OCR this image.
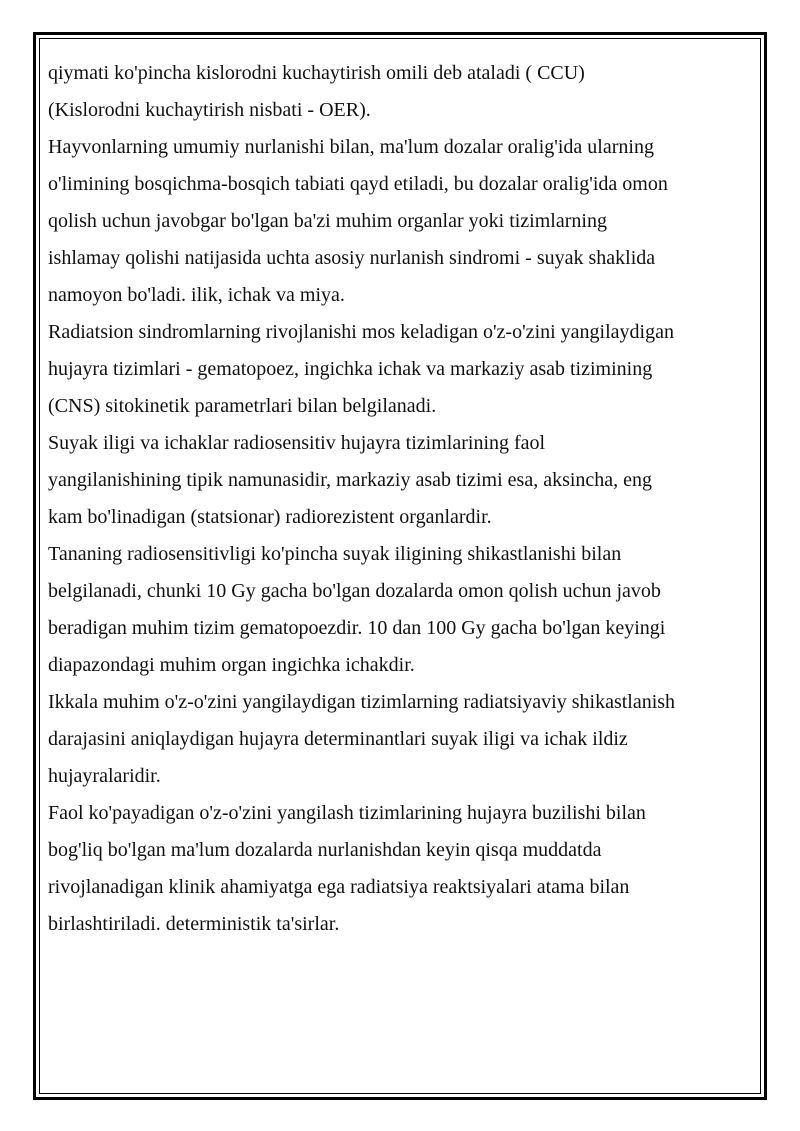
qiymati ko'pincha kislorodni kuchaytirish omili deb ataladi ( CCU)
(Kislorodni kuchaytirish nisbati - OER).
Hayvonlarning umumiy nurlanishi bilan, ma'lum dozalar oralig'ida ularning
o'limining bosqichma-bosqich tabiati qayd etiladi, bu dozalar oralig'ida omon
qolish uchun javobgar bo'lgan ba'zi muhim organlar yoki tizimlarning
ishlamay qolishi natijasida uchta asosiy nurlanish sindromi - suyak shaklida
namoyon bo'ladi. ilik, ichak va miya.
Radiatsion sindromlarning rivojlanishi mos keladigan o'z-o'zini yangilaydigan
hujayra tizimlari - gematopoez, ingichka ichak va markaziy asab tizimining
(CNS) sitokinetik parametrlari bilan belgilanadi.
Suyak iligi va ichaklar radiosensitiv hujayra tizimlarining faol
yangilanishining tipik namunasidir, markaziy asab tizimi esa, aksincha, eng
kam bo'linadigan (statsionar) radiorezistent organlardir.
Tananing radiosensitivligi ko'pincha suyak iligining shikastlanishi bilan
belgilanadi, chunki 10 Gy gacha bo'lgan dozalarda omon qolish uchun javob
beradigan muhim tizim gematopoezdir. 10 dan 100 Gy gacha bo'lgan keyingi
diapazondagi muhim organ ingichka ichakdir.
Ikkala muhim o'z-o'zini yangilaydigan tizimlarning radiatsiyaviy shikastlanish
darajasini aniqlaydigan hujayra determinantlari suyak iligi va ichak ildiz
hujayralaridir.
Faol ko'payadigan o'z-o'zini yangilash tizimlarining hujayra buzilishi bilan
bog'liq bo'lgan ma'lum dozalarda nurlanishdan keyin qisqa muddatda
rivojlanadigan klinik ahamiyatga ega radiatsiya reaktsiyalari atama bilan
birlashtiriladi. deterministik ta'sirlar.
